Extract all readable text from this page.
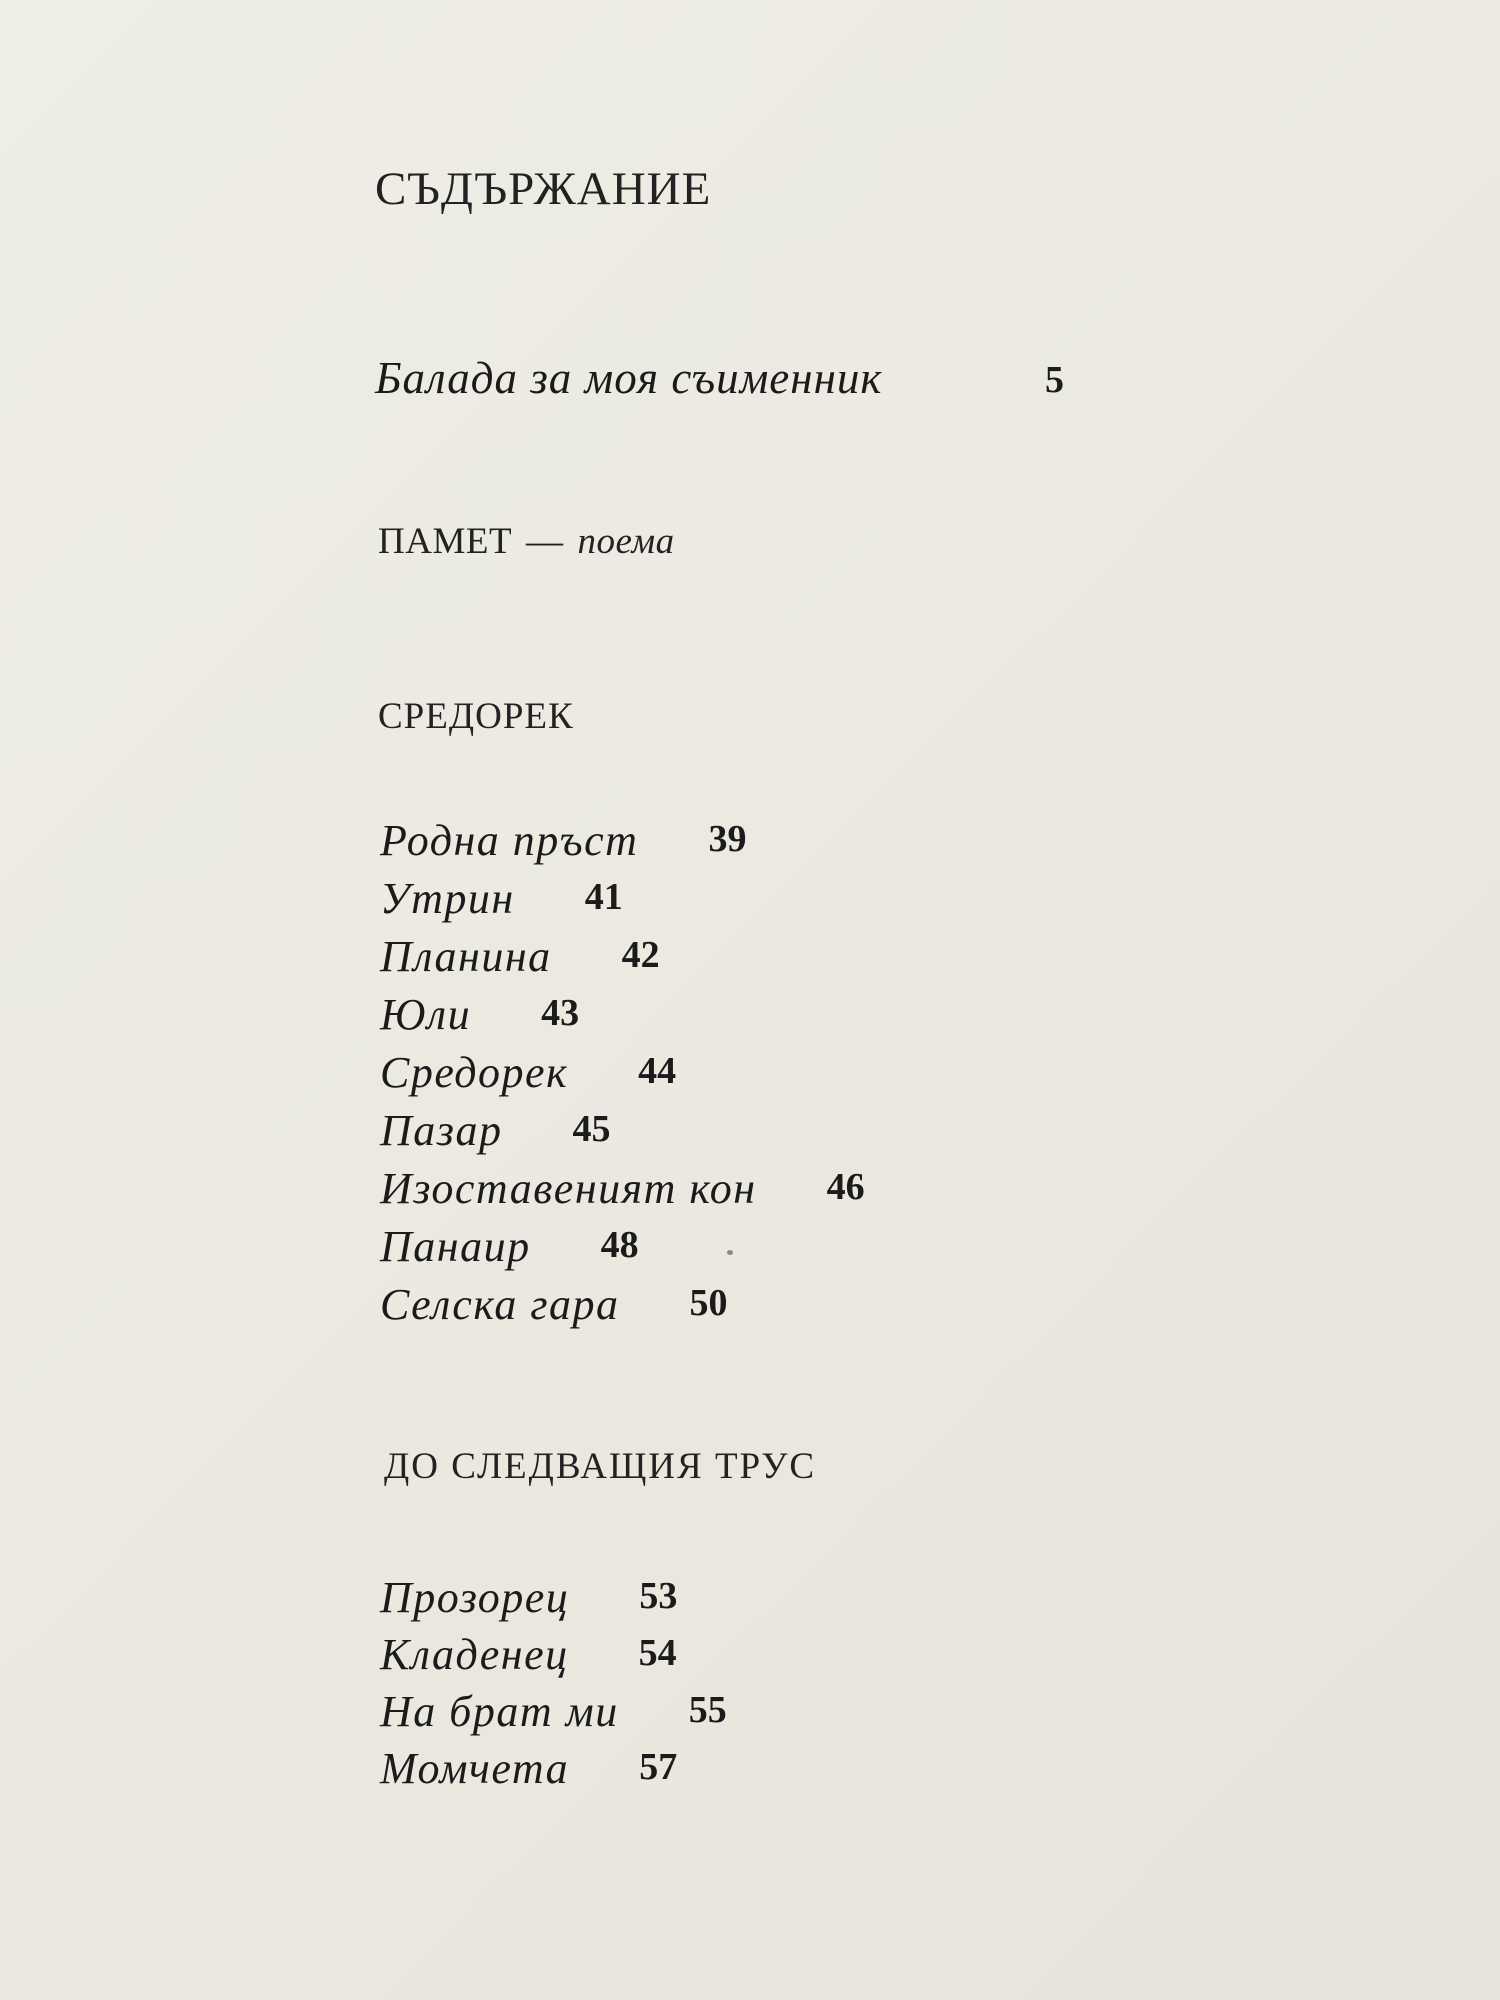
СЪДЪРЖАНИЕ
Балада за моя съименник	5
ПАМЕТ — поема
СРЕДОРЕК
Родна пръст 39
Утрин 41
Планина 42
Юли 43
Средорек 44
Пазар 45
Изоставеният кон 46
Панаир 48
Селска гара 50
ДО СЛЕДВАЩИЯ ТРУС
Прозорец 53
Кладенец 54
На брат ми 55
Момчета 57
